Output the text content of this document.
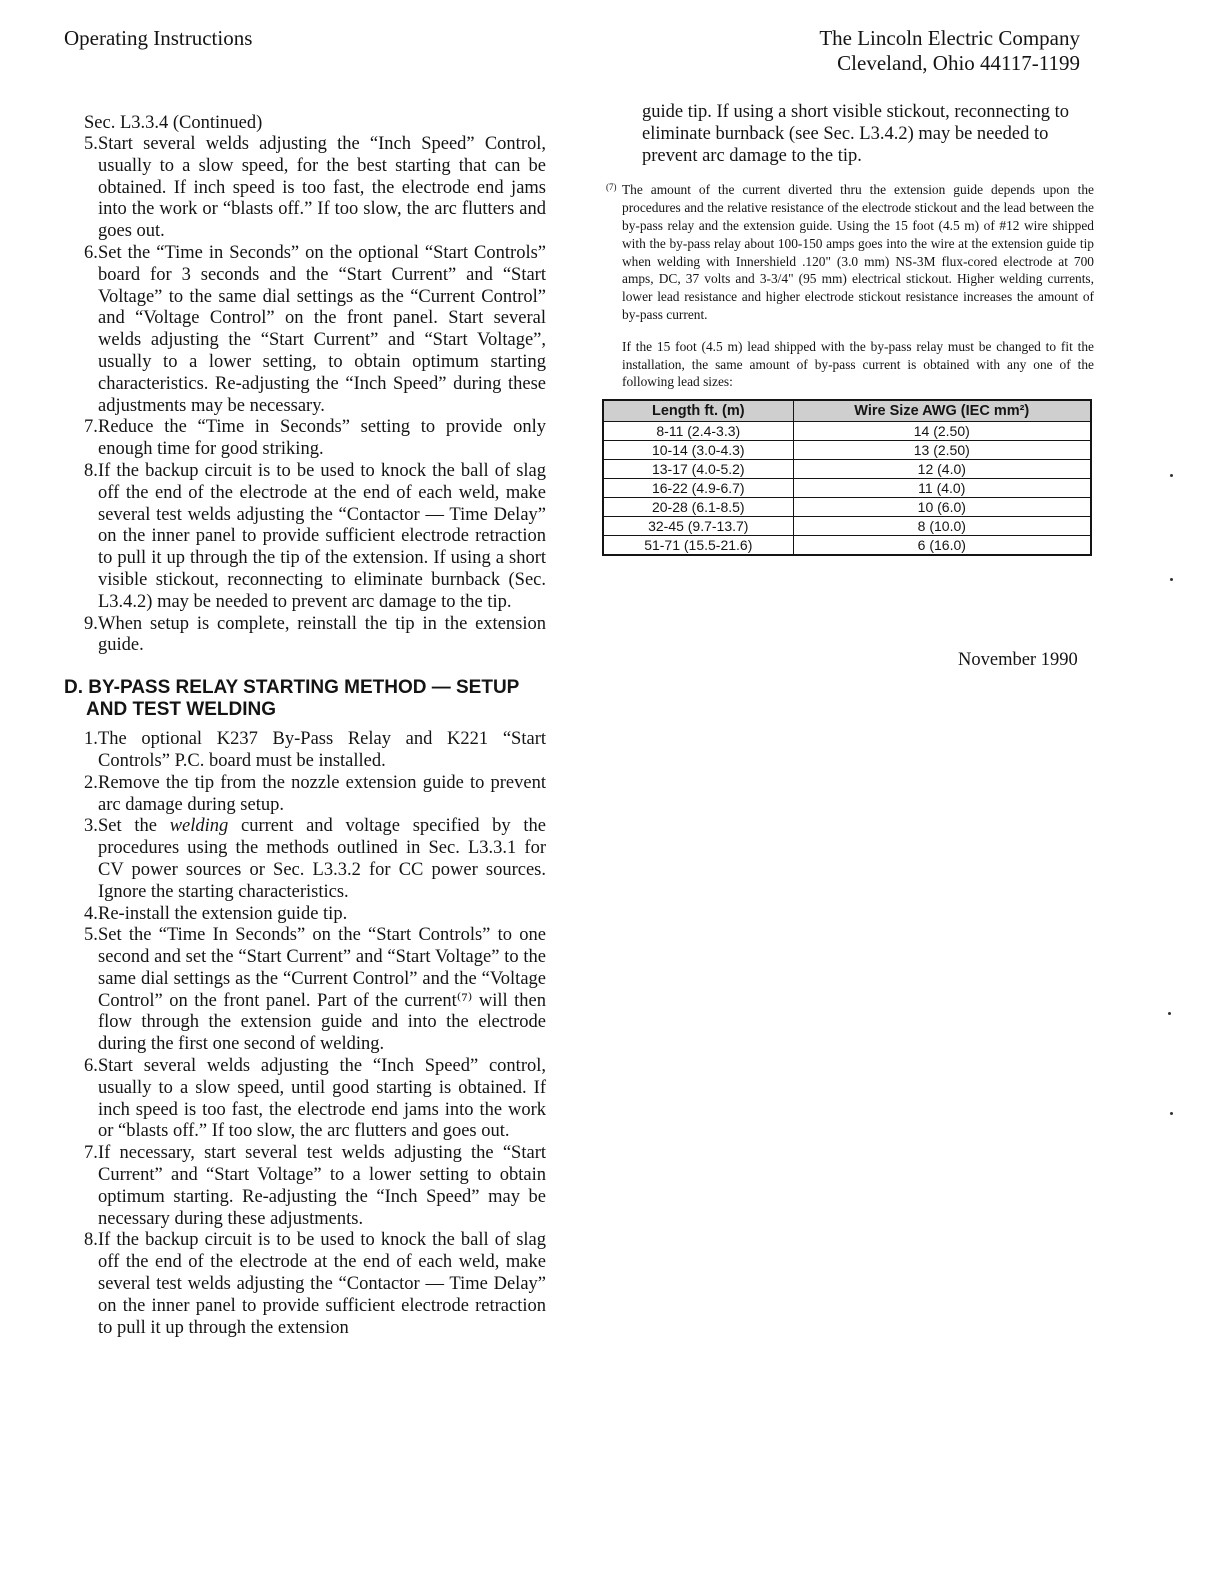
Operating Instructions	The Lincoln Electric Company
Cleveland, Ohio 44117-1199
Sec. L3.3.4 (Continued)
5. Start several welds adjusting the “Inch Speed” Control, usually to a slow speed, for the best starting that can be obtained. If inch speed is too fast, the electrode end jams into the work or “blasts off.” If too slow, the arc flutters and goes out.
6. Set the “Time in Seconds” on the optional “Start Controls” board for 3 seconds and the “Start Current” and “Start Voltage” to the same dial settings as the “Current Control” and “Voltage Control” on the front panel. Start several welds adjusting the “Start Current” and “Start Voltage”, usually to a lower setting, to obtain optimum starting characteristics. Re-adjusting the “Inch Speed” during these adjustments may be necessary.
7. Reduce the “Time in Seconds” setting to provide only enough time for good striking.
8. If the backup circuit is to be used to knock the ball of slag off the end of the electrode at the end of each weld, make several test welds adjusting the “Contactor — Time Delay” on the inner panel to provide sufficient electrode retraction to pull it up through the tip of the extension. If using a short visible stickout, reconnecting to eliminate burnback (Sec. L3.4.2) may be needed to prevent arc damage to the tip.
9. When setup is complete, reinstall the tip in the extension guide.
D. BY-PASS RELAY STARTING METHOD — SETUP AND TEST WELDING
1. The optional K237 By-Pass Relay and K221 “Start Controls” P.C. board must be installed.
2. Remove the tip from the nozzle extension guide to prevent arc damage during setup.
3. Set the welding current and voltage specified by the procedures using the methods outlined in Sec. L3.3.1 for CV power sources or Sec. L3.3.2 for CC power sources. Ignore the starting characteristics.
4. Re-install the extension guide tip.
5. Set the “Time In Seconds” on the “Start Controls” to one second and set the “Start Current” and “Start Voltage” to the same dial settings as the “Current Control” and the “Voltage Control” on the front panel. Part of the current⁽⁷⁾ will then flow through the extension guide and into the electrode during the first one second of welding.
6. Start several welds adjusting the “Inch Speed” control, usually to a slow speed, until good starting is obtained. If inch speed is too fast, the electrode end jams into the work or “blasts off.” If too slow, the arc flutters and goes out.
7. If necessary, start several test welds adjusting the “Start Current” and “Start Voltage” to a lower setting to obtain optimum starting. Re-adjusting the “Inch Speed” may be necessary during these adjustments.
8. If the backup circuit is to be used to knock the ball of slag off the end of the electrode at the end of each weld, make several test welds adjusting the “Contactor — Time Delay” on the inner panel to provide sufficient electrode retraction to pull it up through the extension

guide tip. If using a short visible stickout, reconnecting to eliminate burnback (see Sec. L3.4.2) may be needed to prevent arc damage to the tip.

(7) The amount of the current diverted thru the extension guide depends upon the procedures and the relative resistance of the electrode stickout and the lead between the by-pass relay and the extension guide. Using the 15 foot (4.5 m) of #12 wire shipped with the by-pass relay about 100-150 amps goes into the wire at the extension guide tip when welding with Innershield .120" (3.0 mm) NS-3M flux-cored electrode at 700 amps, DC, 37 volts and 3-3/4" (95 mm) electrical stickout. Higher welding currents, lower lead resistance and higher electrode stickout resistance increases the amount of by-pass current.

If the 15 foot (4.5 m) lead shipped with the by-pass relay must be changed to fit the installation, the same amount of by-pass current is obtained with any one of the following lead sizes:

Length ft. (m)	Wire Size AWG (IEC mm²)
8-11 (2.4-3.3)	14 (2.50)
10-14 (3.0-4.3)	13 (2.50)
13-17 (4.0-5.2)	12 (4.0)
16-22 (4.9-6.7)	11 (4.0)
20-28 (6.1-8.5)	10 (6.0)
32-45 (9.7-13.7)	8 (10.0)
51-71 (15.5-21.6)	6 (16.0)
November 1990
